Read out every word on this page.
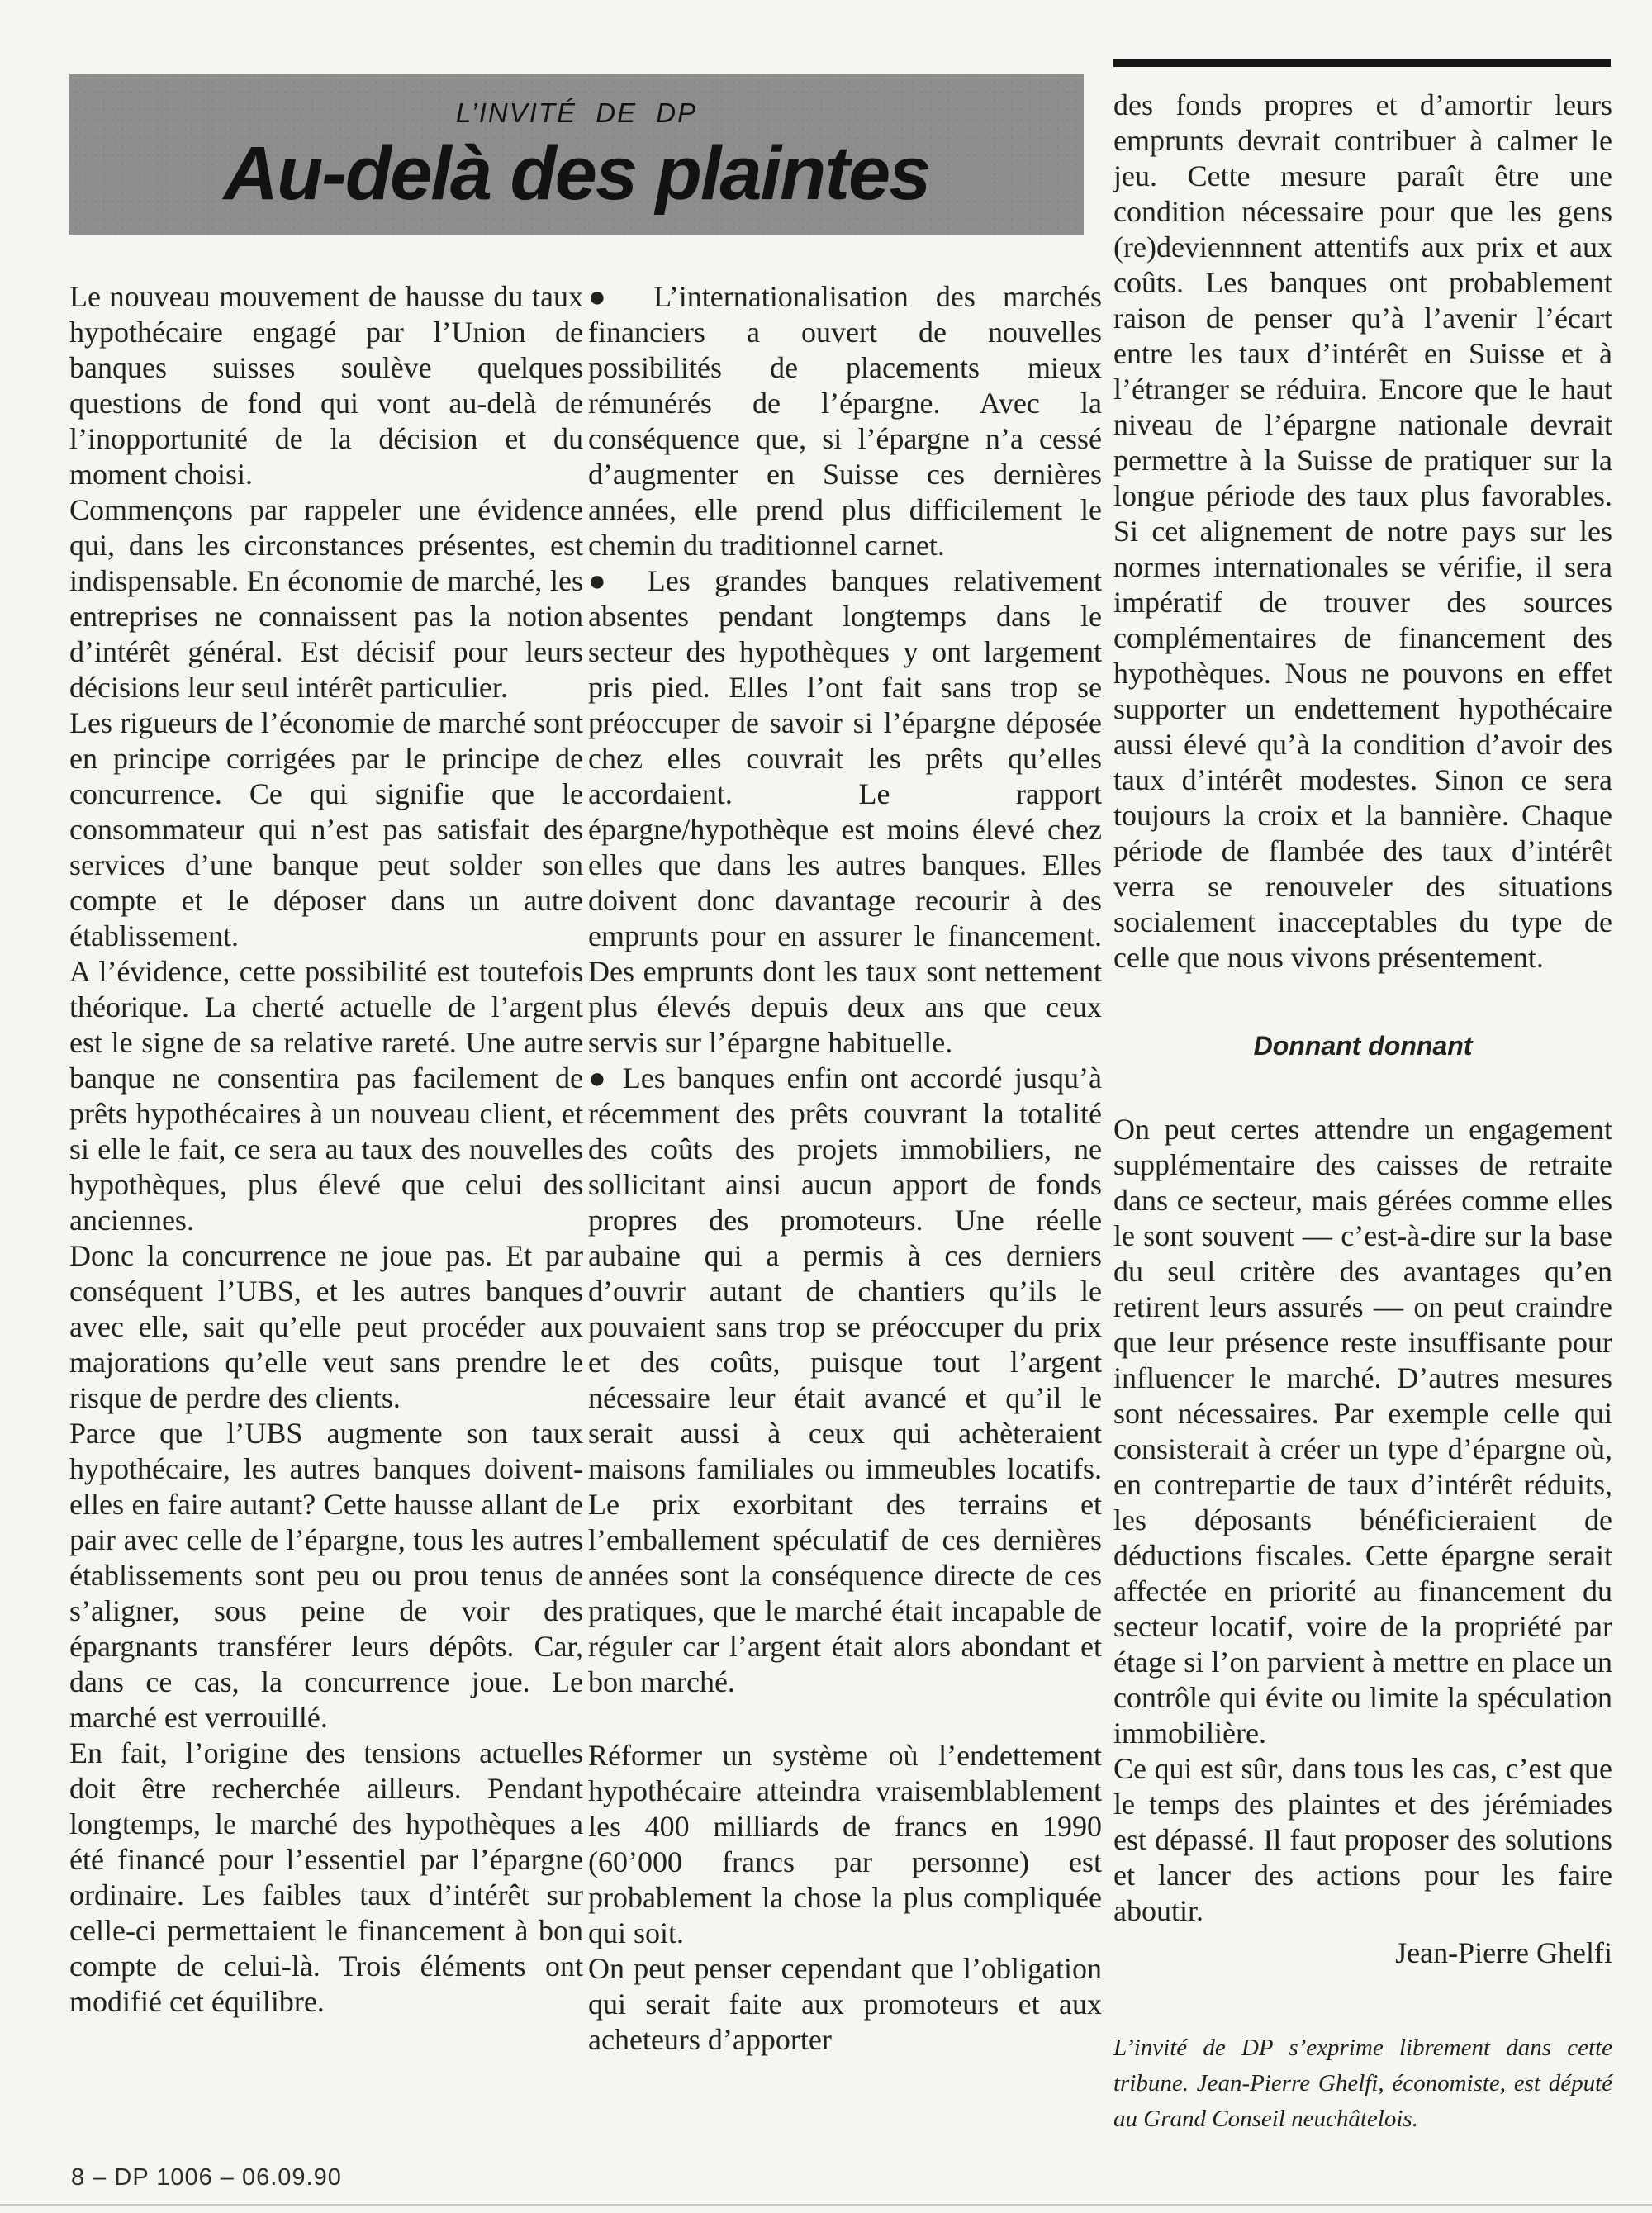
L’INVITÉ DE DP
Au-delà des plaintes

Le nouveau mouvement de hausse du taux hypothécaire engagé par l’Union de banques suisses soulève quelques questions de fond qui vont au-delà de l’inopportunité de la décision et du moment choisi.

Commençons par rappeler une évidence qui, dans les circonstances présentes, est indispensable. En économie de marché, les entreprises ne connaissent pas la notion d’intérêt général. Est décisif pour leurs décisions leur seul intérêt particulier.

Les rigueurs de l’économie de marché sont en principe corrigées par le principe de concurrence. Ce qui signifie que le consommateur qui n’est pas satisfait des services d’une banque peut solder son compte et le déposer dans un autre établissement.

A l’évidence, cette possibilité est toutefois théorique. La cherté actuelle de l’argent est le signe de sa relative rareté. Une autre banque ne consentira pas facilement de prêts hypothécaires à un nouveau client, et si elle le fait, ce sera au taux des nouvelles hypothèques, plus élevé que celui des anciennes.

Donc la concurrence ne joue pas. Et par conséquent l’UBS, et les autres banques avec elle, sait qu’elle peut procéder aux majorations qu’elle veut sans prendre le risque de perdre des clients.

Parce que l’UBS augmente son taux hypothécaire, les autres banques doivent-elles en faire autant? Cette hausse allant de pair avec celle de l’épargne, tous les autres établissements sont peu ou prou tenus de s’aligner, sous peine de voir des épargnants transférer leurs dépôts. Car, dans ce cas, la concurrence joue. Le marché est verrouillé.

En fait, l’origine des tensions actuelles doit être recherchée ailleurs. Pendant longtemps, le marché des hypothèques a été financé pour l’essentiel par l’épargne ordinaire. Les faibles taux d’intérêt sur celle-ci permettaient le financement à bon compte de celui-là. Trois éléments ont modifié cet équilibre.

● L’internationalisation des marchés financiers a ouvert de nouvelles possibilités de placements mieux rémunérés de l’épargne. Avec la conséquence que, si l’épargne n’a cessé d’augmenter en Suisse ces dernières années, elle prend plus difficilement le chemin du traditionnel carnet.

● Les grandes banques relativement absentes pendant longtemps dans le secteur des hypothèques y ont largement pris pied. Elles l’ont fait sans trop se préoccuper de savoir si l’épargne déposée chez elles couvrait les prêts qu’elles accordaient. Le rapport épargne/hypothèque est moins élevé chez elles que dans les autres banques. Elles doivent donc davantage recourir à des emprunts pour en assurer le financement. Des emprunts dont les taux sont nettement plus élevés depuis deux ans que ceux servis sur l’épargne habituelle.

● Les banques enfin ont accordé jusqu’à récemment des prêts couvrant la totalité des coûts des projets immobiliers, ne sollicitant ainsi aucun apport de fonds propres des promoteurs. Une réelle aubaine qui a permis à ces derniers d’ouvrir autant de chantiers qu’ils le pouvaient sans trop se préoccuper du prix et des coûts, puisque tout l’argent nécessaire leur était avancé et qu’il le serait aussi à ceux qui achèteraient maisons familiales ou immeubles locatifs. Le prix exorbitant des terrains et l’emballement spéculatif de ces dernières années sont la conséquence directe de ces pratiques, que le marché était incapable de réguler car l’argent était alors abondant et bon marché.

Réformer un système où l’endettement hypothécaire atteindra vraisemblablement les 400 milliards de francs en 1990 (60’000 francs par personne) est probablement la chose la plus compliquée qui soit.

On peut penser cependant que l’obligation qui serait faite aux promoteurs et aux acheteurs d’apporter

des fonds propres et d’amortir leurs emprunts devrait contribuer à calmer le jeu. Cette mesure paraît être une condition nécessaire pour que les gens (re)deviennnent attentifs aux prix et aux coûts. Les banques ont probablement raison de penser qu’à l’avenir l’écart entre les taux d’intérêt en Suisse et à l’étranger se réduira. Encore que le haut niveau de l’épargne nationale devrait permettre à la Suisse de pratiquer sur la longue période des taux plus favorables. Si cet alignement de notre pays sur les normes internationales se vérifie, il sera impératif de trouver des sources complémentaires de financement des hypothèques. Nous ne pouvons en effet supporter un endettement hypothécaire aussi élevé qu’à la condition d’avoir des taux d’intérêt modestes. Sinon ce sera toujours la croix et la bannière. Chaque période de flambée des taux d’intérêt verra se renouveler des situations socialement inacceptables du type de celle que nous vivons présentement.

Donnant donnant

On peut certes attendre un engagement supplémentaire des caisses de retraite dans ce secteur, mais gérées comme elles le sont souvent — c’est-à-dire sur la base du seul critère des avantages qu’en retirent leurs assurés — on peut craindre que leur présence reste insuffisante pour influencer le marché. D’autres mesures sont nécessaires. Par exemple celle qui consisterait à créer un type d’épargne où, en contrepartie de taux d’intérêt réduits, les déposants bénéficieraient de déductions fiscales. Cette épargne serait affectée en priorité au financement du secteur locatif, voire de la propriété par étage si l’on parvient à mettre en place un contrôle qui évite ou limite la spéculation immobilière.

Ce qui est sûr, dans tous les cas, c’est que le temps des plaintes et des jérémiades est dépassé. Il faut proposer des solutions et lancer des actions pour les faire aboutir.

Jean-Pierre Ghelfi

L’invité de DP s’exprime librement dans cette tribune. Jean-Pierre Ghelfi, économiste, est député au Grand Conseil neuchâtelois.

8 – DP 1006 – 06.09.90
